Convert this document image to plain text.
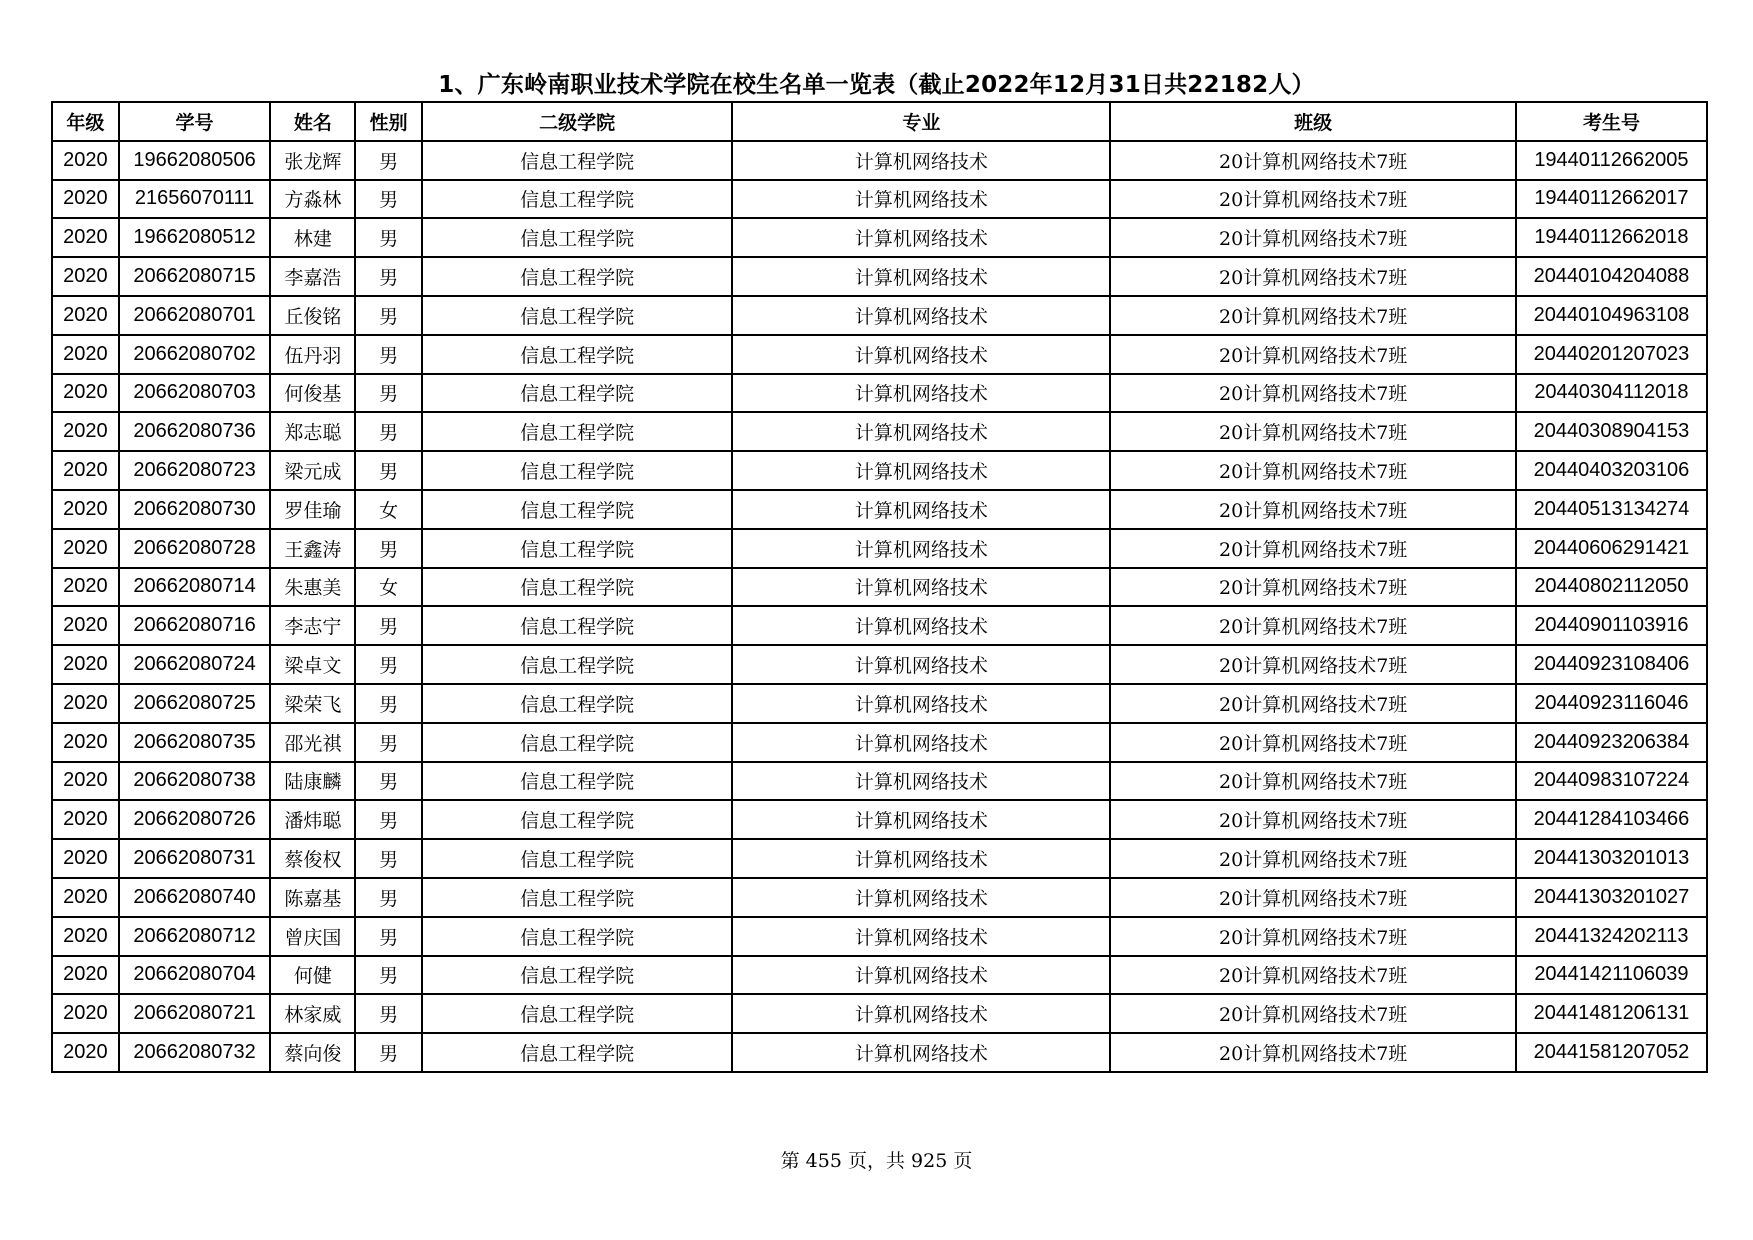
1、广东岭南职业技术学院在校生名单一览表（截止2022年12月31日共22182人）
年级	学号	姓名	性别	二级学院	专业	班级	考生号
2020	19662080506	张龙辉	男	信息工程学院	计算机网络技术	20计算机网络技术7班	19440112662005
2020	21656070111	方淼林	男	信息工程学院	计算机网络技术	20计算机网络技术7班	19440112662017
2020	19662080512	林建	男	信息工程学院	计算机网络技术	20计算机网络技术7班	19440112662018
2020	20662080715	李嘉浩	男	信息工程学院	计算机网络技术	20计算机网络技术7班	20440104204088
2020	20662080701	丘俊铭	男	信息工程学院	计算机网络技术	20计算机网络技术7班	20440104963108
2020	20662080702	伍丹羽	男	信息工程学院	计算机网络技术	20计算机网络技术7班	20440201207023
2020	20662080703	何俊基	男	信息工程学院	计算机网络技术	20计算机网络技术7班	20440304112018
2020	20662080736	郑志聪	男	信息工程学院	计算机网络技术	20计算机网络技术7班	20440308904153
2020	20662080723	梁元成	男	信息工程学院	计算机网络技术	20计算机网络技术7班	20440403203106
2020	20662080730	罗佳瑜	女	信息工程学院	计算机网络技术	20计算机网络技术7班	20440513134274
2020	20662080728	王鑫涛	男	信息工程学院	计算机网络技术	20计算机网络技术7班	20440606291421
2020	20662080714	朱惠美	女	信息工程学院	计算机网络技术	20计算机网络技术7班	20440802112050
2020	20662080716	李志宁	男	信息工程学院	计算机网络技术	20计算机网络技术7班	20440901103916
2020	20662080724	梁卓文	男	信息工程学院	计算机网络技术	20计算机网络技术7班	20440923108406
2020	20662080725	梁荣飞	男	信息工程学院	计算机网络技术	20计算机网络技术7班	20440923116046
2020	20662080735	邵光祺	男	信息工程学院	计算机网络技术	20计算机网络技术7班	20440923206384
2020	20662080738	陆康麟	男	信息工程学院	计算机网络技术	20计算机网络技术7班	20440983107224
2020	20662080726	潘炜聪	男	信息工程学院	计算机网络技术	20计算机网络技术7班	20441284103466
2020	20662080731	蔡俊权	男	信息工程学院	计算机网络技术	20计算机网络技术7班	20441303201013
2020	20662080740	陈嘉基	男	信息工程学院	计算机网络技术	20计算机网络技术7班	20441303201027
2020	20662080712	曾庆国	男	信息工程学院	计算机网络技术	20计算机网络技术7班	20441324202113
2020	20662080704	何健	男	信息工程学院	计算机网络技术	20计算机网络技术7班	20441421106039
2020	20662080721	林家威	男	信息工程学院	计算机网络技术	20计算机网络技术7班	20441481206131
2020	20662080732	蔡向俊	男	信息工程学院	计算机网络技术	20计算机网络技术7班	20441581207052
第 455 页，共 925 页
